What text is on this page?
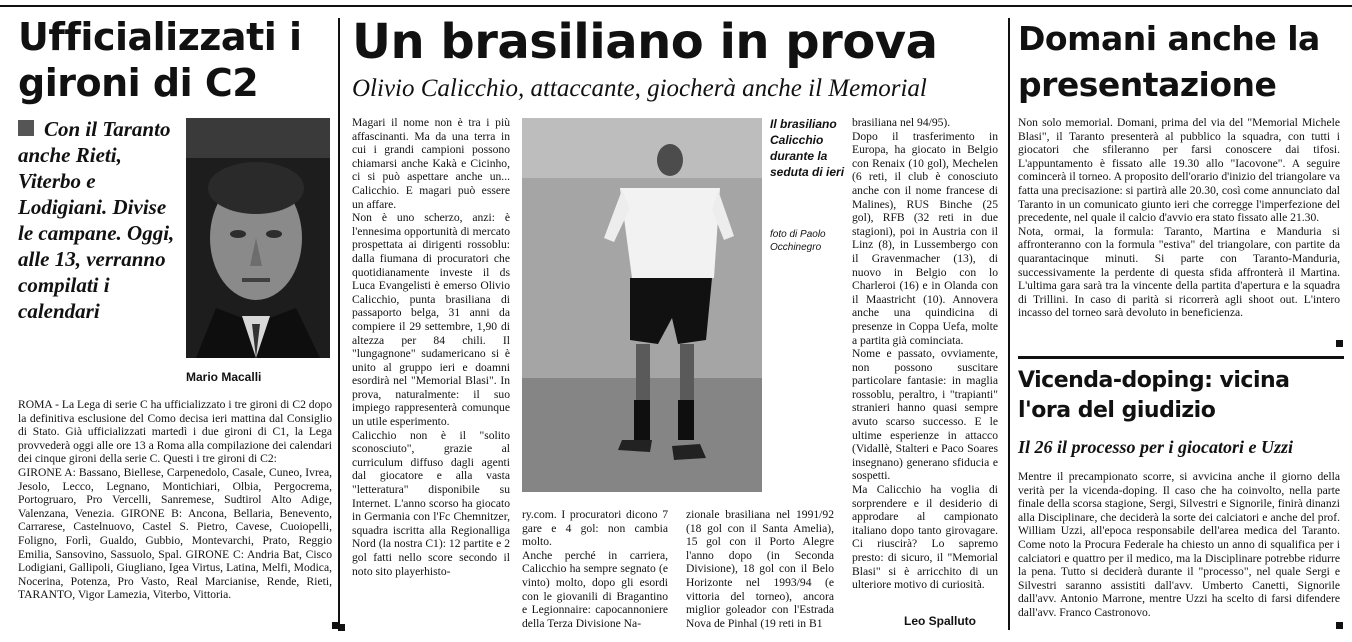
Ufficializzati i gironi di C2
Con il Taranto anche Rieti, Viterbo e Lodigiani. Divise le campane. Oggi, alle 13, verranno compilati i calendari
Mario Macalli
ROMA - La Lega di serie C ha ufficializzato i tre gironi di C2 dopo la definitiva esclusione del Como decisa ieri mattina dal Consiglio di Stato. Già ufficializzati martedì i due gironi di C1, la Lega provvederà oggi alle ore 13 a Roma alla compilazione dei calendari dei cinque gironi della serie C. Questi i tre gironi di C2:
GIRONE A: Bassano, Biellese, Carpenedolo, Casale, Cuneo, Ivrea, Jesolo, Lecco, Legnano, Montichiari, Olbia, Pergocrema, Portogruaro, Pro Vercelli, Sanremese, Sudtirol Alto Adige, Valenzana, Venezia. GIRONE B: Ancona, Bellaria, Benevento, Carrarese, Castelnuovo, Castel S. Pietro, Cavese, Cuoiopelli, Foligno, Forlì, Gualdo, Gubbio, Montevarchi, Prato, Reggio Emilia, Sansovino, Sassuolo, Spal. GIRONE C: Andria Bat, Cisco Lodigiani, Gallipoli, Giugliano, Igea Virtus, Latina, Melfi, Modica, Nocerina, Potenza, Pro Vasto, Real Marcianise, Rende, Rieti, TARANTO, Vigor Lamezia, Viterbo, Vittoria.
Un brasiliano in prova
Olivio Calicchio, attaccante, giocherà anche il Memorial
Magari il nome non è tra i più affascinanti. Ma da una terra in cui i grandi campioni possono chiamarsi anche Kakà e Cicinho, ci si può aspettare anche un... Calicchio. E magari può essere un affare.
Non è uno scherzo, anzi: è l'ennesima opportunità di mercato prospettata ai dirigenti rossoblu: dalla fiumana di procuratori che quotidianamente investe il ds Luca Evangelisti è emerso Olivio Calicchio, punta brasiliana di passaporto belga, 31 anni da compiere il 29 settembre, 1,90 di altezza per 84 chili. Il "lungagnone" sudamericano si è unito al gruppo ieri e doamni esordirà nel "Memorial Blasi". In prova, naturalmente: il suo impiego rappresenterà comunque un utile esperimento.
Calicchio non è il "solito sconosciuto", grazie al curriculum diffuso dagli agenti dal giocatore e alla vasta "letteratura" disponibile su Internet. L'anno scorso ha giocato in Germania con l'Fc Chemnitzer, squadra iscritta alla Regionalliga Nord (la nostra C1): 12 partite e 2 gol fatti nello score secondo il noto sito playerhisto-
Il brasiliano Calicchio durante la seduta di ieri
foto di Paolo Occhinegro
ry.com. I procuratori dicono 7 gare e 4 gol: non cambia molto.
Anche perché in carriera, Calicchio ha sempre segnato (e vinto) molto, dopo gli esordi con le giovanili di Bragantino e Legionnaire: capocannoniere della Terza Divisione Na-
zionale brasiliana nel 1991/92 (18 gol con il Santa Amelia), 15 gol con il Porto Alegre l'anno dopo (in Seconda Divisione), 18 gol con il Belo Horizonte nel 1993/94 (e vittoria del torneo), ancora miglior goleador con l'Estrada Nova de Pinhal (19 reti in B1
brasiliana nel 94/95).
Dopo il trasferimento in Europa, ha giocato in Belgio con Renaix (10 gol), Mechelen (6 reti, il club è conosciuto anche con il nome francese di Malines), RUS Binche (25 gol), RFB (32 reti in due stagioni), poi in Austria con il Linz (8), in Lussembergo con il Gravenmacher (13), di nuovo in Belgio con lo Charleroi (16) e in Olanda con il Maastricht (10). Annovera anche una quindicina di presenze in Coppa Uefa, molte a partita già cominciata.
Nome e passato, ovviamente, non possono suscitare particolare fantasie: in maglia rossoblu, peraltro, i "trapianti" stranieri hanno quasi sempre avuto scarso successo. E le ultime esperienze in attacco (Vidallè, Stalteri e Paco Soares insegnano) generano sfiducia e sospetti.
Ma Calicchio ha voglia di sorprendere e il desiderio di approdare al campionato italiano dopo tanto girovagare. Ci riuscirà? Lo sapremo presto: di sicuro, il "Memorial Blasi" si è arricchito di un ulteriore motivo di curiosità.
Leo Spalluto
Domani anche la presentazione
Non solo memorial. Domani, prima del via del "Memorial Michele Blasi", il Taranto presenterà al pubblico la squadra, con tutti i giocatori che sfileranno per farsi conoscere dai tifosi. L'appuntamento è fissato alle 19.30 allo "Iacovone". A seguire comincerà il torneo. A proposito dell'orario d'inizio del triangolare va fatta una precisazione: si partirà alle 20.30, così come annunciato dal Taranto in un comunicato giunto ieri che corregge l'imperfezione del precedente, nel quale il calcio d'avvio era stato fissato alle 21.30.
Nota, ormai, la formula: Taranto, Martina e Manduria si affronteranno con la formula "estiva" del triangolare, con partite da quarantacinque minuti. Si parte con Taranto-Manduria, successivamente la perdente di questa sfida affronterà il Martina. L'ultima gara sarà tra la vincente della partita d'apertura e la squadra di Trillini. In caso di parità si ricorrerà agli shoot out. L'intero incasso del torneo sarà devoluto in beneficienza.
Vicenda-doping: vicina l'ora del giudizio
Il 26 il processo per i giocatori e Uzzi
Mentre il precampionato scorre, si avvicina anche il giorno della verità per la vicenda-doping. Il caso che ha coinvolto, nella parte finale della scorsa stagione, Sergi, Silvestri e Signorile, finirà dinanzi alla Disciplinare, che deciderà la sorte dei calciatori e anche del prof. William Uzzi, all'epoca responsabile dell'area medica del Taranto. Come noto la Procura Federale ha chiesto un anno di squalifica per i calciatori e quattro per il medico, ma la Disciplinare potrebbe ridurre la pena. Tutto si deciderà durante il "processo", nel quale Sergi e Silvestri saranno assistiti dall'avv. Umberto Canetti, Signorile dall'avv. Antonio Marrone, mentre Uzzi ha scelto di farsi difendere dall'avv. Franco Castronovo.
